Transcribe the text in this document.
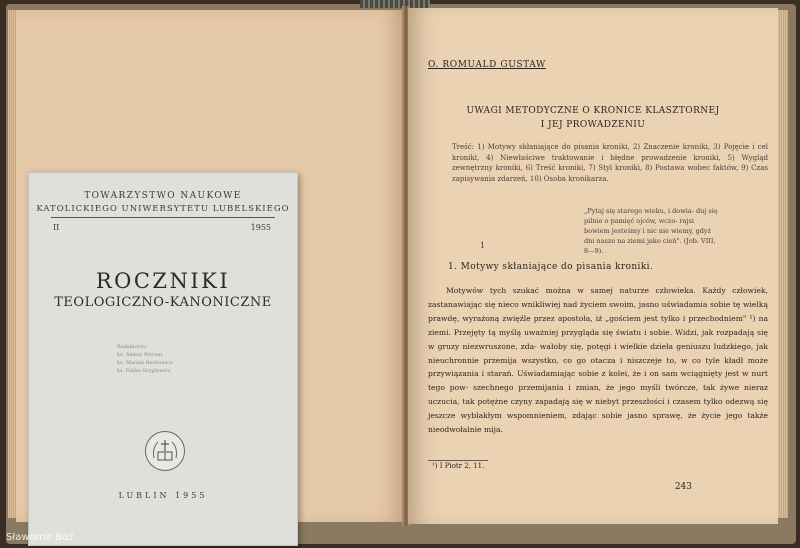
O. ROMUALD GUSTAW
UWAGI METODYCZNE O KRONICE KLASZTORNEJ
I JEJ PROWADZENIU
Treść: 1) Motywy skłaniające do pisania kroniki, 2) Znaczenie kroniki, 3) Pojęcie i cel kroniki, 4) Niewłaściwe traktowanie i błędne prowadzenie kroniki, 5) Wygląd zewnętrzny kroniki, 6) Treść kroniki, 7) Styl kroniki, 8) Postawa wobec faktów, 9) Czas zapisywania zdarzeń, 10) Osoba kronikarza.
„Pytaj się starego wieku, i dowia- duj się pilnie o pamięć ojców, wczo- rajsi bowiem jesteśmy i nic nie wiemy, gdyż dni nasze na ziemi jako cień". (Job. VIII, 8—9).
1
1. Motywy skłaniające do pisania kroniki.
Motywów tych szukać można w samej naturze człowieka. Każdy człowiek, zastanawiając się nieco wnikliwiej nad życiem swoim, jasno uświadamia sobie tę wielką prawdę, wyrażoną zwięźle przez apostoła, iż „gościem jest tylko i przechodniem" ¹) na ziemi. Przejęty tą myślą uważniej przygląda się światu i sobie. Widzi, jak rozpadają się w gruzy niezwruszone, zda- wałoby się, potęgi i wielkie dzieła geniuszu ludzkiego, jak nieuchronnie przemija wszystko, co go otacza i niszczeje to, w co tyle kładł może przywiązania i starań. Uświadamiając sobie z kolei, że i on sam wciągnięty jest w nurt tego pow- szechnego przemijania i zmian, że jego myśli twórcze, tak żywe nieraz uczucia, tak potężne czyny zapadają się w niebyt przeszłości i czasem tylko odezwą się jeszcze wyblakłym wspomnieniem, zdając sobie jasno sprawę, że życie jego także nieodwołalnie mija.
¹) I Piotr 2, 11.
243
TOWARZYSTWO NAUKOWE
KATOLICKIEGO UNIWERSYTETU LUBELSKIEGO
II	1955
ROCZNIKI
TEOLOGICZNO-KANONICZNE
Redaktorzy:
ks. Aleksy Petrani
ks. Marian Rechowicz
ks. Feliks Gryglewicz
LUBLIN 1955
Sławomir Baz
